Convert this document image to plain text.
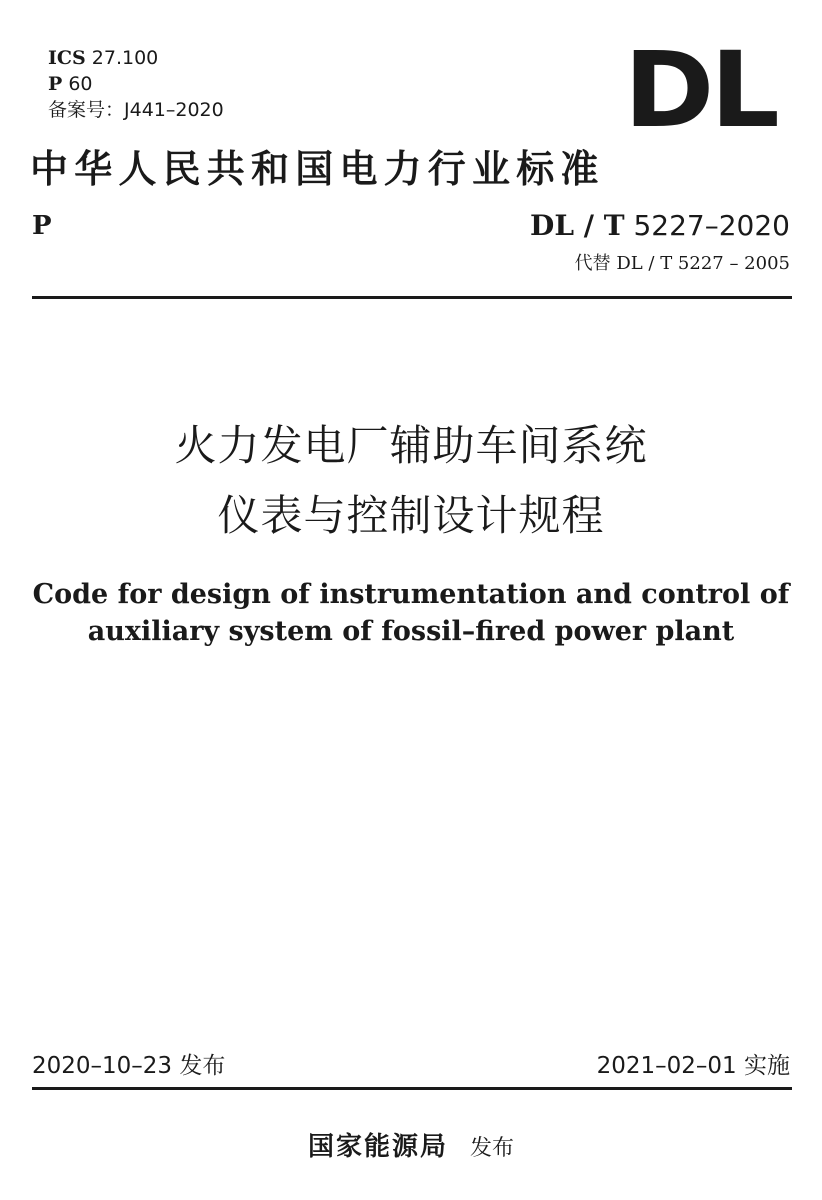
ICS 27.100
P 60
备案号：J441–2020	DL
中华人民共和国电力行业标准
P	DL / T 5227–2020
代替 DL / T 5227 – 2005
火力发电厂辅助车间系统
仪表与控制设计规程
Code for design of instrumentation and control of
auxiliary system of fossil–fired power plant
2020–10–23 发布	2021–02–01 实施
国家能源局 发布
